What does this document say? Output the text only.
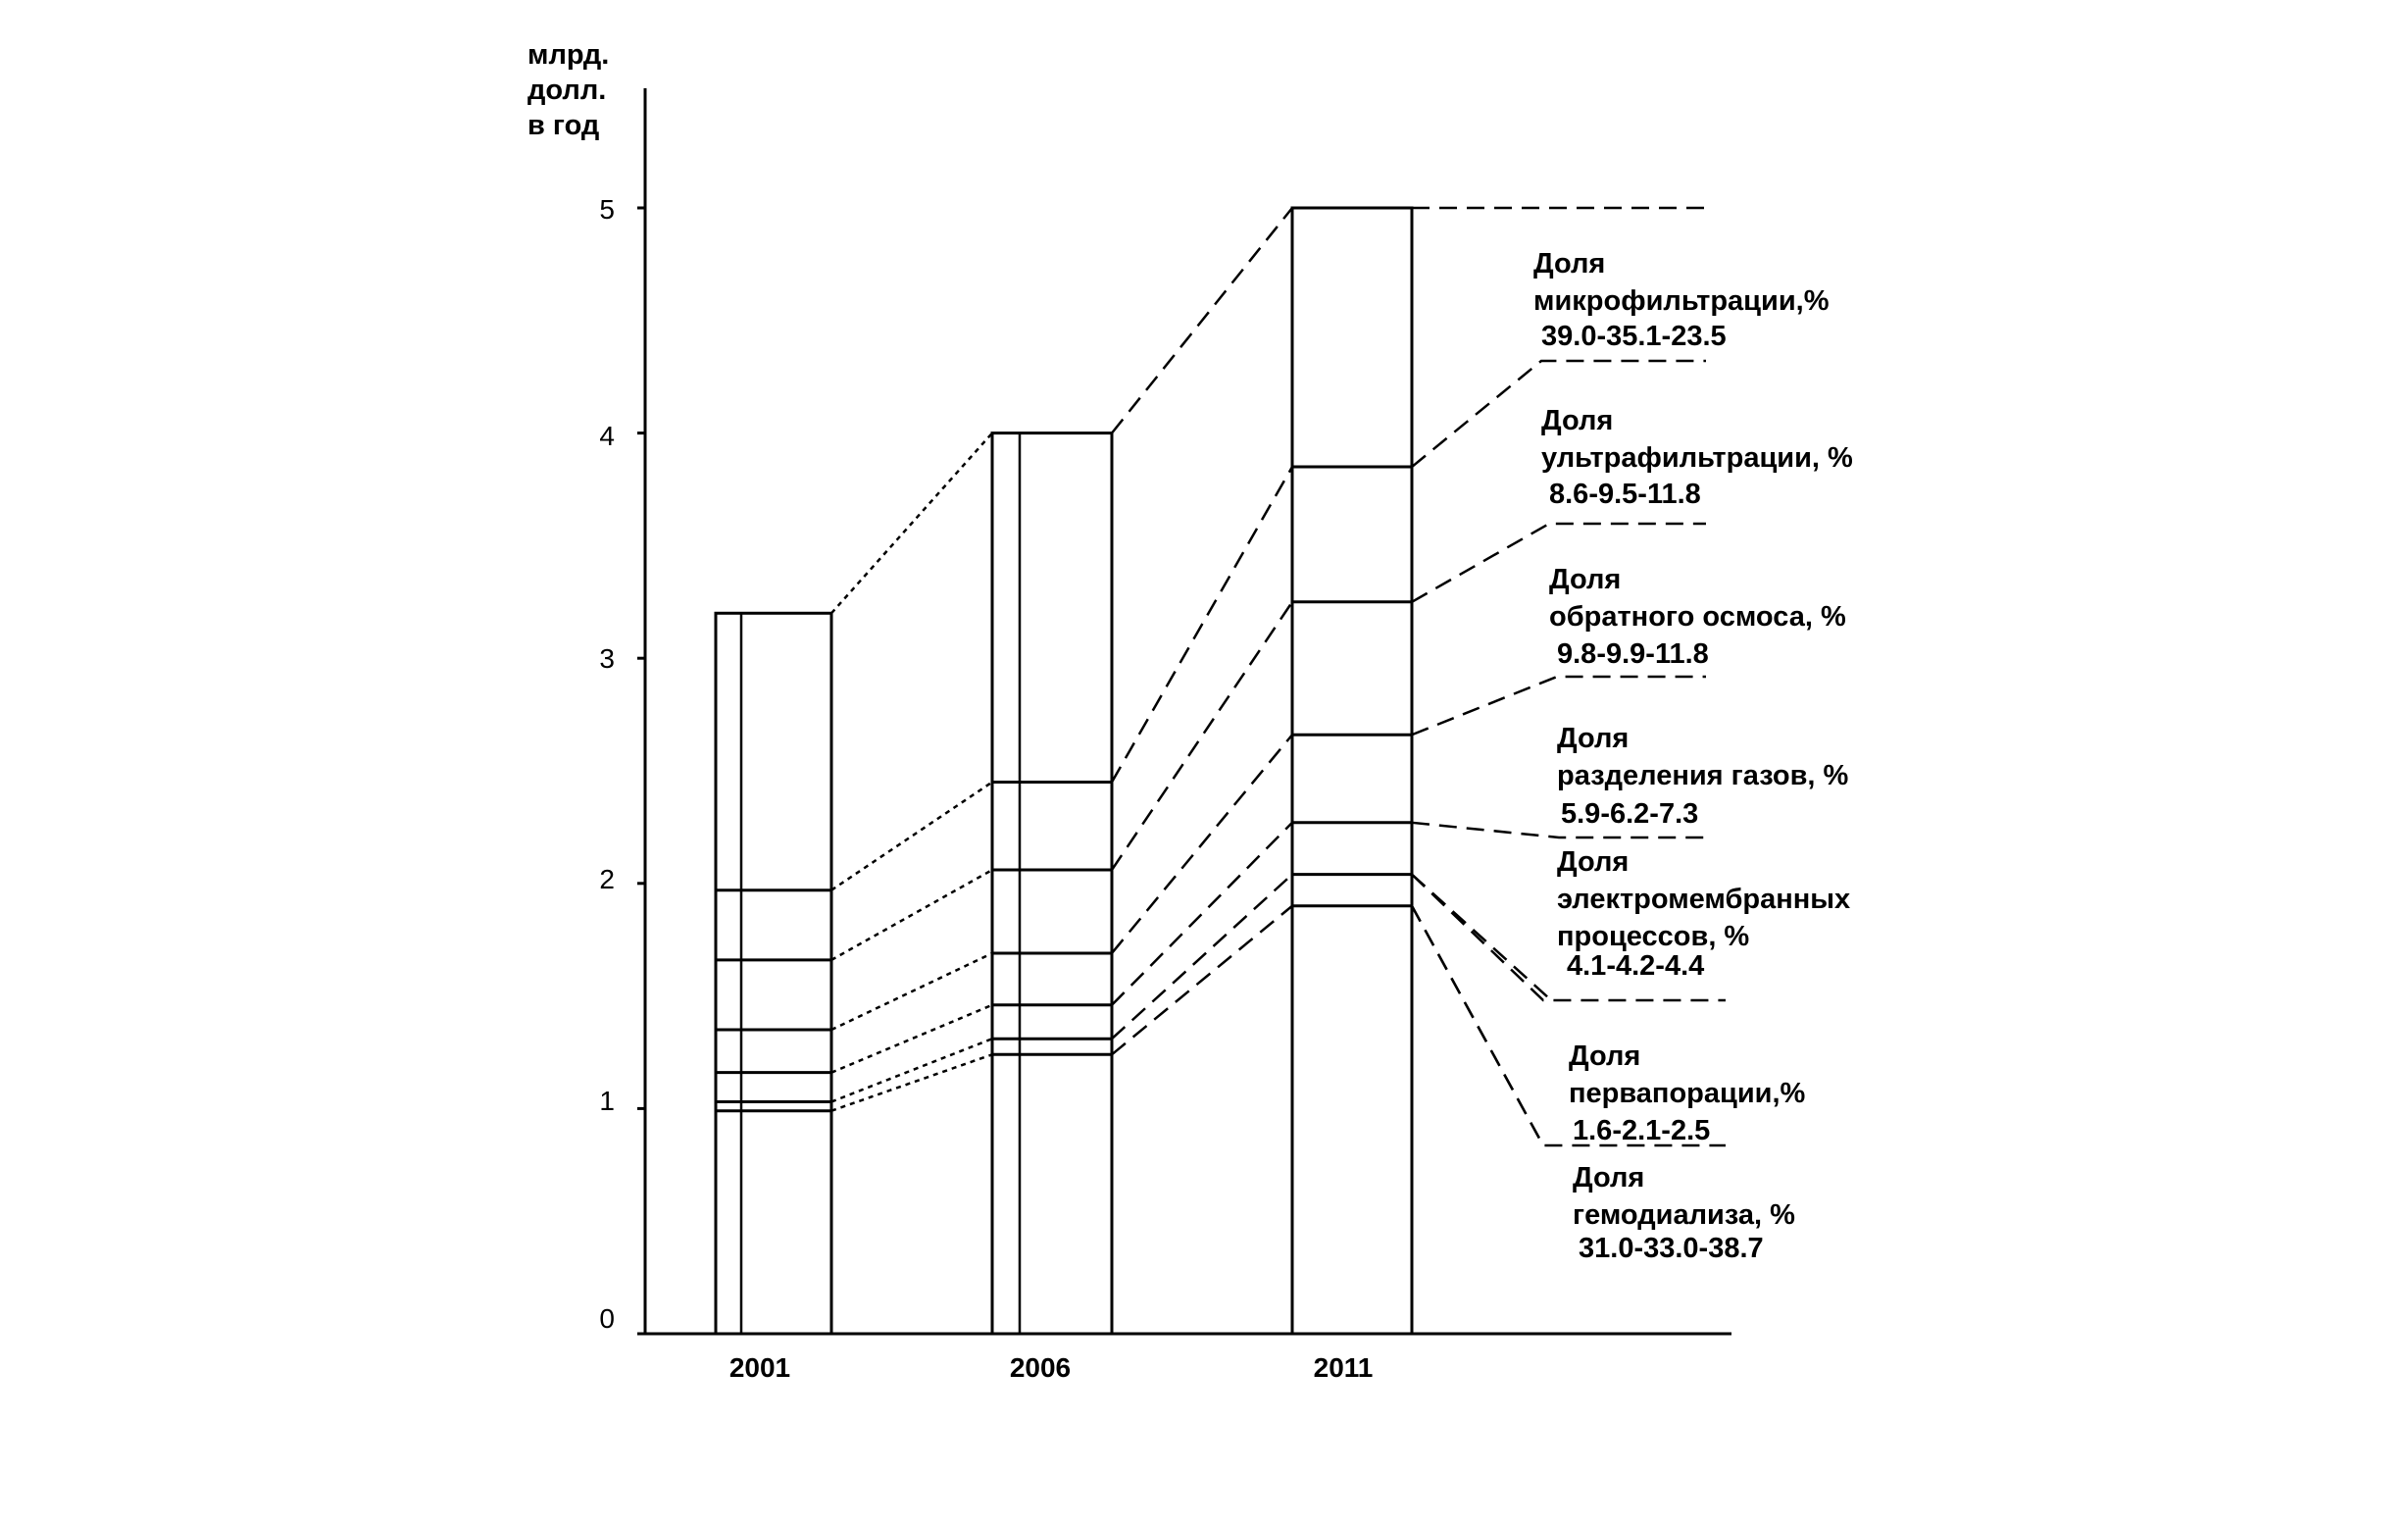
млрд.
долл.
в год
0
1
2
3
4
5
2001	2006	2011
Доля
микрофильтрации,%
39.0-35.1-23.5
Доля
ультрафильтрации, %
8.6-9.5-11.8
Доля
обратного осмоса, %
9.8-9.9-11.8
Доля
разделения газов, %
5.9-6.2-7.3
Доля
электромембранных
процессов, %
4.1-4.2-4.4
Доля
первапорации,%
1.6-2.1-2.5
Доля
гемодиализа, %
31.0-33.0-38.7
